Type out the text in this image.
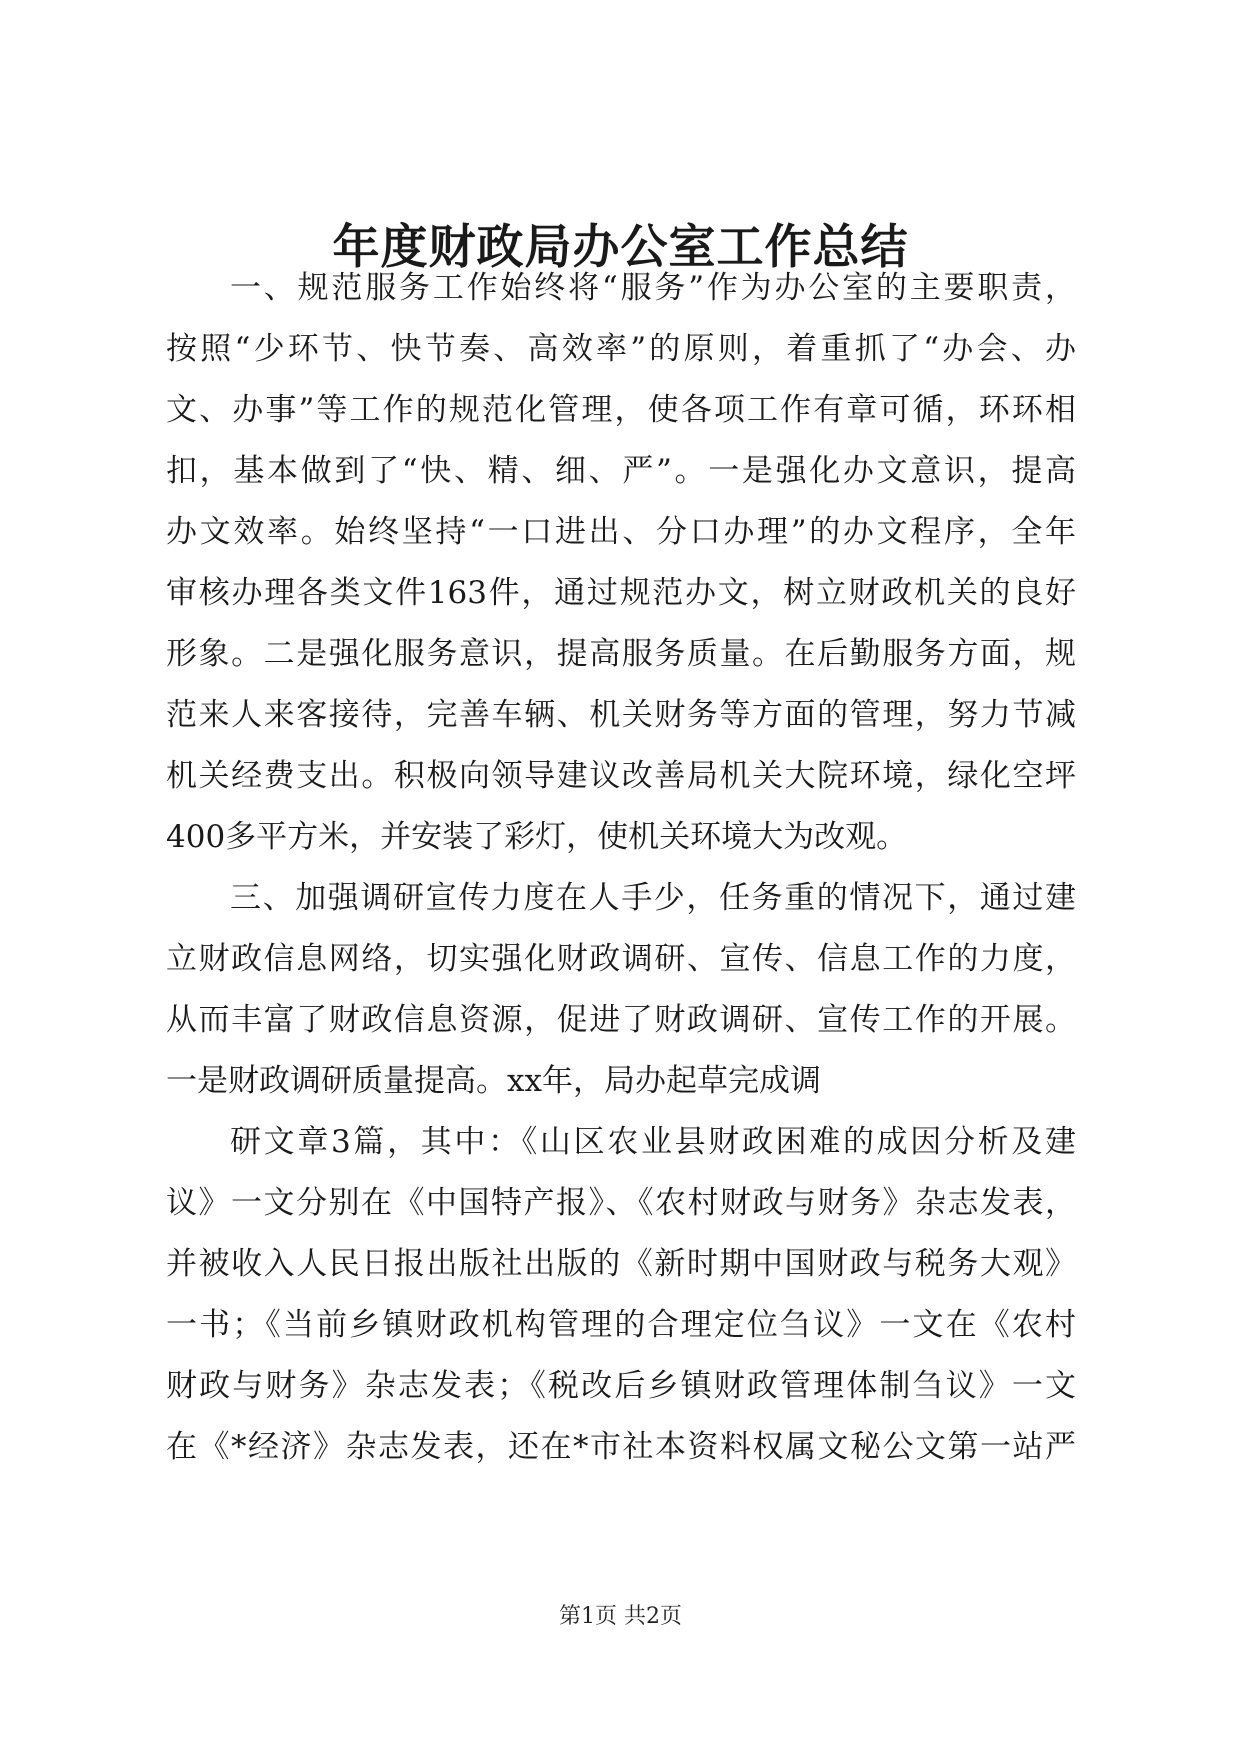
年度财政局办公室工作总结
一、规范服务工作始终将“服务”作为办公室的主要职责，
按照“少环节、快节奏、高效率”的原则，着重抓了“办会、办
文、办事”等工作的规范化管理，使各项工作有章可循，环环相
扣，基本做到了“快、精、细、严”。一是强化办文意识，提高
办文效率。始终坚持“一口进出、分口办理”的办文程序，全年
审核办理各类文件163件，通过规范办文，树立财政机关的良好
形象。二是强化服务意识，提高服务质量。在后勤服务方面，规
范来人来客接待，完善车辆、机关财务等方面的管理，努力节减
机关经费支出。积极向领导建议改善局机关大院环境，绿化空坪
400多平方米，并安装了彩灯，使机关环境大为改观。
三、加强调研宣传力度在人手少，任务重的情况下，通过建
立财政信息网络，切实强化财政调研、宣传、信息工作的力度，
从而丰富了财政信息资源，促进了财政调研、宣传工作的开展。
一是财政调研质量提高。xx年，局办起草完成调
研文章3篇，其中：《山区农业县财政困难的成因分析及建
议》一文分别在《中国特产报》、《农村财政与财务》杂志发表，
并被收入人民日报出版社出版的《新时期中国财政与税务大观》
一书；《当前乡镇财政机构管理的合理定位刍议》一文在《农村
财政与财务》杂志发表；《税改后乡镇财政管理体制刍议》一文
在《*经济》杂志发表，还在*市社本资料权属文秘公文第一站严
第1页 共2页
